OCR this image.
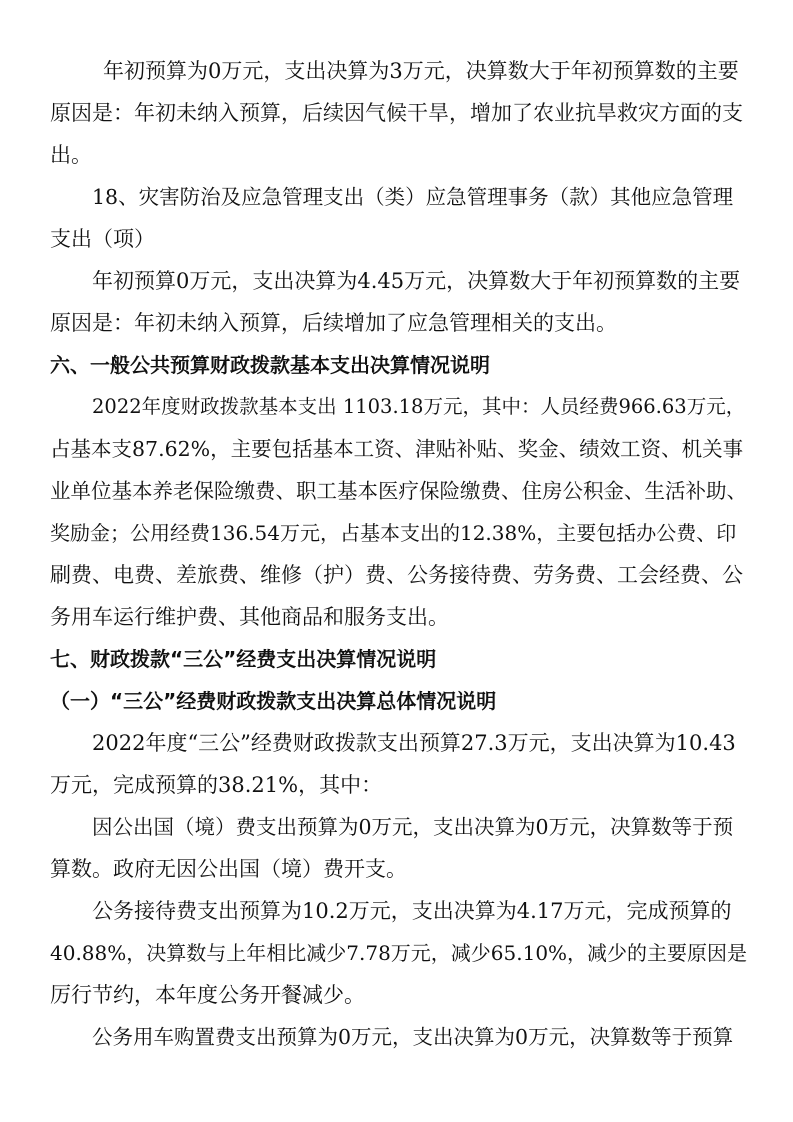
年初预算为0万元，支出决算为3万元，决算数大于年初预算数的主要
原因是：年初未纳入预算，后续因气候干旱，增加了农业抗旱救灾方面的支
出。
18、灾害防治及应急管理支出（类）应急管理事务（款）其他应急管理
支出（项）
年初预算0万元，支出决算为4.45万元，决算数大于年初预算数的主要
原因是：年初未纳入预算，后续增加了应急管理相关的支出。
六、一般公共预算财政拨款基本支出决算情况说明
2022年度财政拨款基本支出 1103.18万元，其中：人员经费966.63万元，
占基本支87.62%，主要包括基本工资、津贴补贴、奖金、绩效工资、机关事
业单位基本养老保险缴费、职工基本医疗保险缴费、住房公积金、生活补助、
奖励金；公用经费136.54万元，占基本支出的12.38%，主要包括办公费、印
刷费、电费、差旅费、维修（护）费、公务接待费、劳务费、工会经费、公
务用车运行维护费、其他商品和服务支出。
七、财政拨款“三公”经费支出决算情况说明
（一）“三公”经费财政拨款支出决算总体情况说明
2022年度“三公”经费财政拨款支出预算27.3万元，支出决算为10.43
万元，完成预算的38.21%，其中：
因公出国（境）费支出预算为0万元，支出决算为0万元，决算数等于预
算数。政府无因公出国（境）费开支。
公务接待费支出预算为10.2万元，支出决算为4.17万元，完成预算的
40.88%，决算数与上年相比减少7.78万元，减少65.10%，减少的主要原因是
厉行节约，本年度公务开餐减少。
公务用车购置费支出预算为0万元，支出决算为0万元，决算数等于预算
